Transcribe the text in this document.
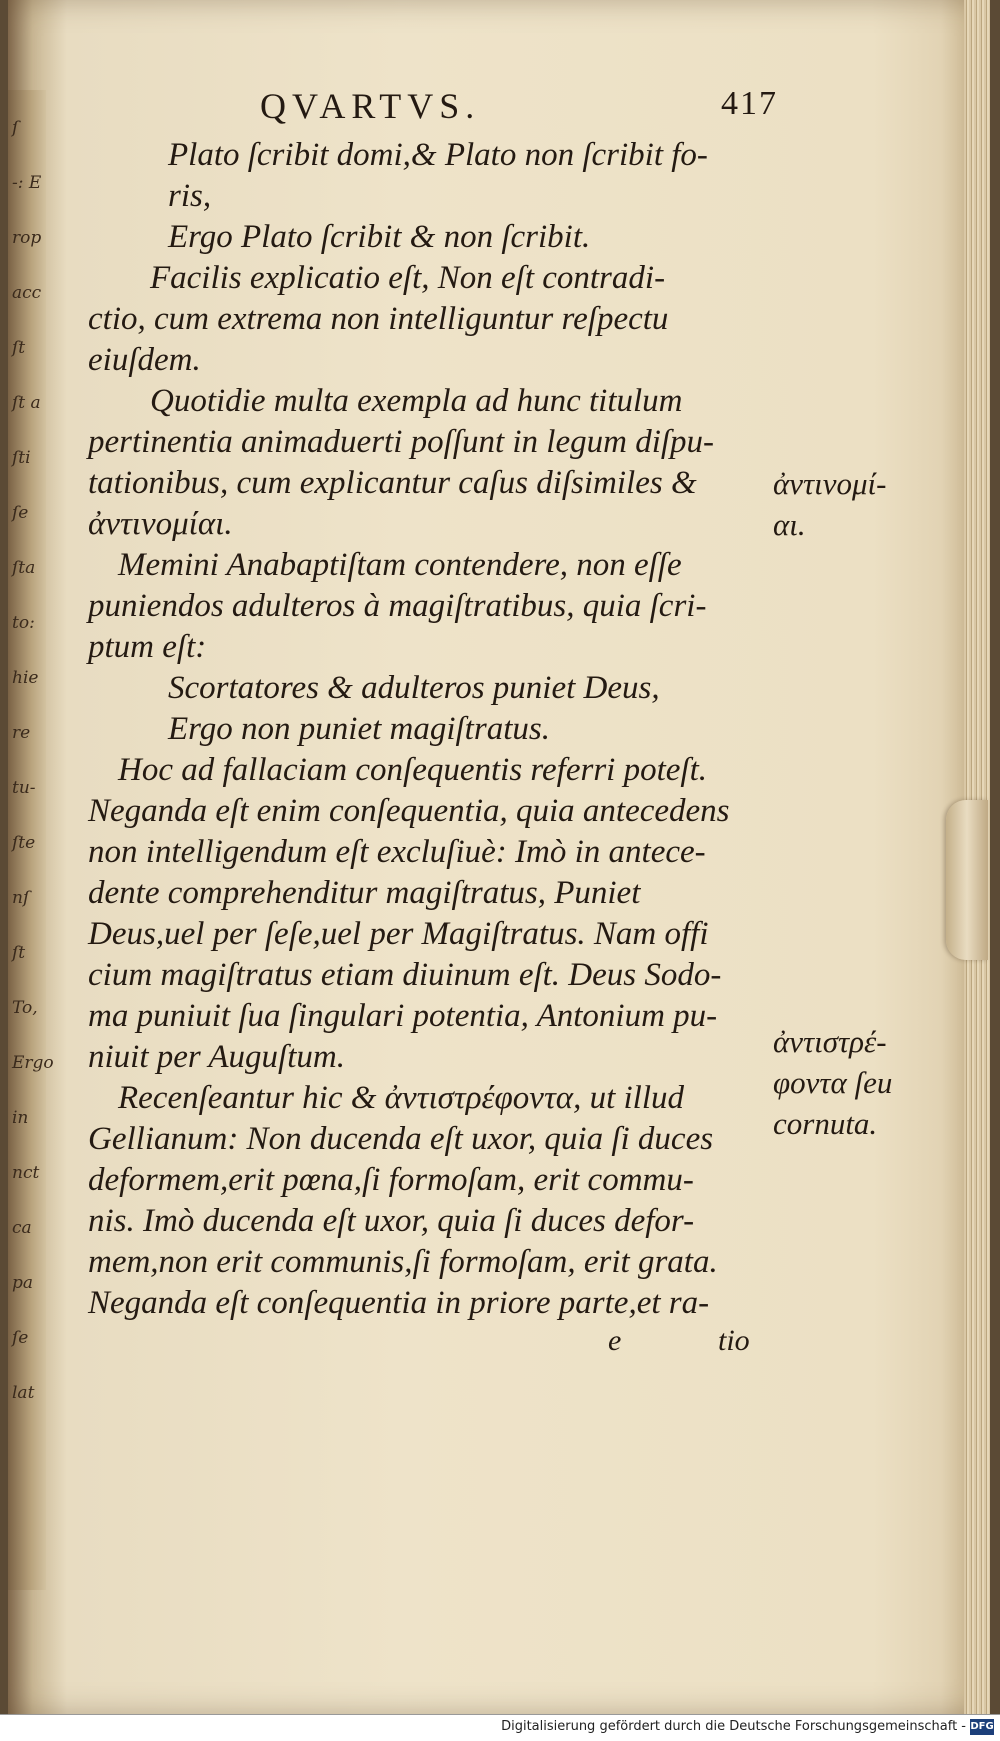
ſ
-: E
rop
acc
ſt
ſt a
ſti
ſe
ſta
to:
hie
re
tu-
ſte
nſ
ſt
To,
Ergo
in
nct
ca
pa
ſe
lat
QVARTVS.	417
Plato ſcribit domi,& Plato non ſcribit fo-
ris,
Ergo Plato ſcribit & non ſcribit.
Facilis explicatio eſt, Non eſt contradi-
ctio, cum extrema non intelliguntur reſpectu
eiuſdem.
Quotidie multa exempla ad hunc titulum
pertinentia animaduerti poſſunt in legum diſpu-
tationibus, cum explicantur caſus diſsimiles &
ἀντινομίαι.
Memini Anabaptiſtam contendere, non eſſe
puniendos adulteros à magiſtratibus, quia ſcri-
ptum eſt:
Scortatores & adulteros puniet Deus,
Ergo non puniet magiſtratus.
Hoc ad fallaciam conſequentis referri poteſt.
Neganda eſt enim conſequentia, quia antecedens
non intelligendum eſt excluſiuè: Imò in antece-
dente comprehenditur magiſtratus, Puniet
Deus,uel per ſeſe,uel per Magiſtratus. Nam offi
cium magiſtratus etiam diuinum eſt. Deus Sodo-
ma puniuit ſua ſingulari potentia, Antonium pu-
niuit per Auguſtum.
Recenſeantur hic & ἀντιστρέφοντα, ut illud
Gellianum: Non ducenda eſt uxor, quia ſi duces
deformem,erit pœna,ſi formoſam, erit commu-
nis. Imò ducenda eſt uxor, quia ſi duces defor-
mem,non erit communis,ſi formoſam, erit grata.
Neganda eſt conſequentia in priore parte,et ra-
e	tio
ἀντινομί-
αι.
ἀντιστρέ-
φοντα ſeu
cornuta.
Digitalisierung gefördert durch die Deutsche Forschungsgemeinschaft - DFG
